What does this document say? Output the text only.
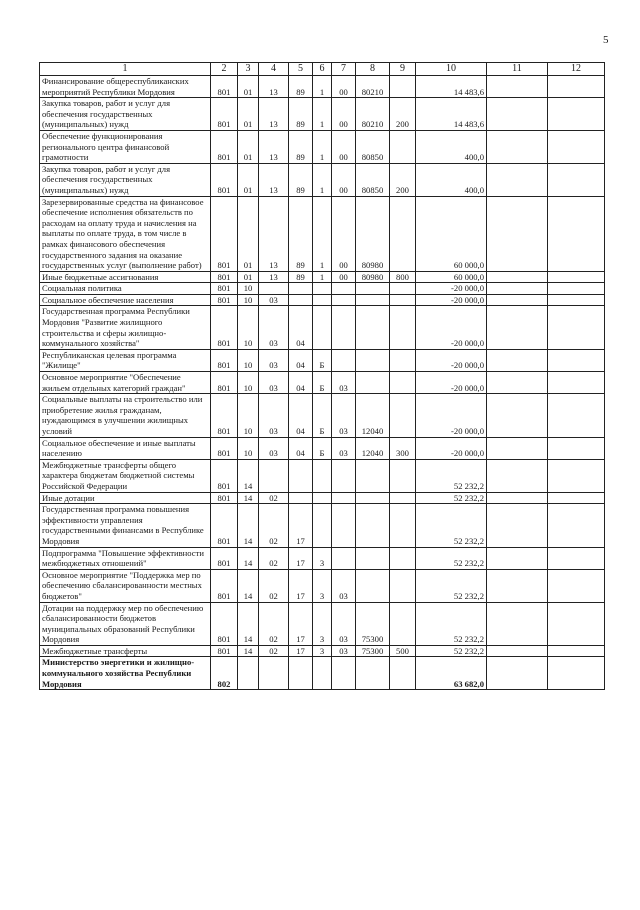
5
1	2	3	4	5	6	7	8	9	10	11	12
Финансирование общереспубликанских мероприятий Республики Мордовия	801	01	13	89	1	00	80210		14 483,6		
Закупка товаров, работ и услуг для обеспечения государственных (муниципальных) нужд	801	01	13	89	1	00	80210	200	14 483,6		
Обеспечение функционирования регионального центра финансовой грамотности	801	01	13	89	1	00	80850		400,0		
Закупка товаров, работ и услуг для обеспечения государственных (муниципальных) нужд	801	01	13	89	1	00	80850	200	400,0		
Зарезервированные средства на финансовое обеспечение исполнения обязательств по расходам на оплату труда и начисления на выплаты по оплате труда, в том числе в рамках финансового обеспечения государственного задания на оказание государственных услуг (выполнение работ)	801	01	13	89	1	00	80980		60 000,0		
Иные бюджетные ассигнования	801	01	13	89	1	00	80980	800	60 000,0		
Социальная политика	801	10							-20 000,0		
Социальное обеспечение населения	801	10	03						-20 000,0		
Государственная программа Республики Мордовия "Развитие жилищного строительства и сферы жилищно-коммунального хозяйства"	801	10	03	04					-20 000,0		
Республиканская целевая программа "Жилище"	801	10	03	04	Б				-20 000,0		
Основное мероприятие "Обеспечение жильем отдельных категорий граждан"	801	10	03	04	Б	03			-20 000,0		
Социальные выплаты на строительство или приобретение жилья гражданам, нуждающимся в улучшении жилищных условий	801	10	03	04	Б	03	12040		-20 000,0		
Социальное обеспечение и иные выплаты населению	801	10	03	04	Б	03	12040	300	-20 000,0		
Межбюджетные трансферты общего характера бюджетам бюджетной системы Российской Федерации	801	14							52 232,2		
Иные дотации	801	14	02						52 232,2		
Государственная программа повышения эффективности управления государственными финансами в Республике Мордовия	801	14	02	17					52 232,2		
Подпрограмма "Повышение эффективности межбюджетных отношений"	801	14	02	17	3				52 232,2		
Основное мероприятие "Поддержка мер по обеспечению сбалансированности местных бюджетов"	801	14	02	17	3	03			52 232,2		
Дотации на поддержку мер по обеспечению сбалансированности бюджетов муниципальных образований Республики Мордовия	801	14	02	17	3	03	75300		52 232,2		
Межбюджетные трансферты	801	14	02	17	3	03	75300	500	52 232,2		
Министерство энергетики и жилищно-коммунального хозяйства Республики Мордовия	802								63 682,0		
